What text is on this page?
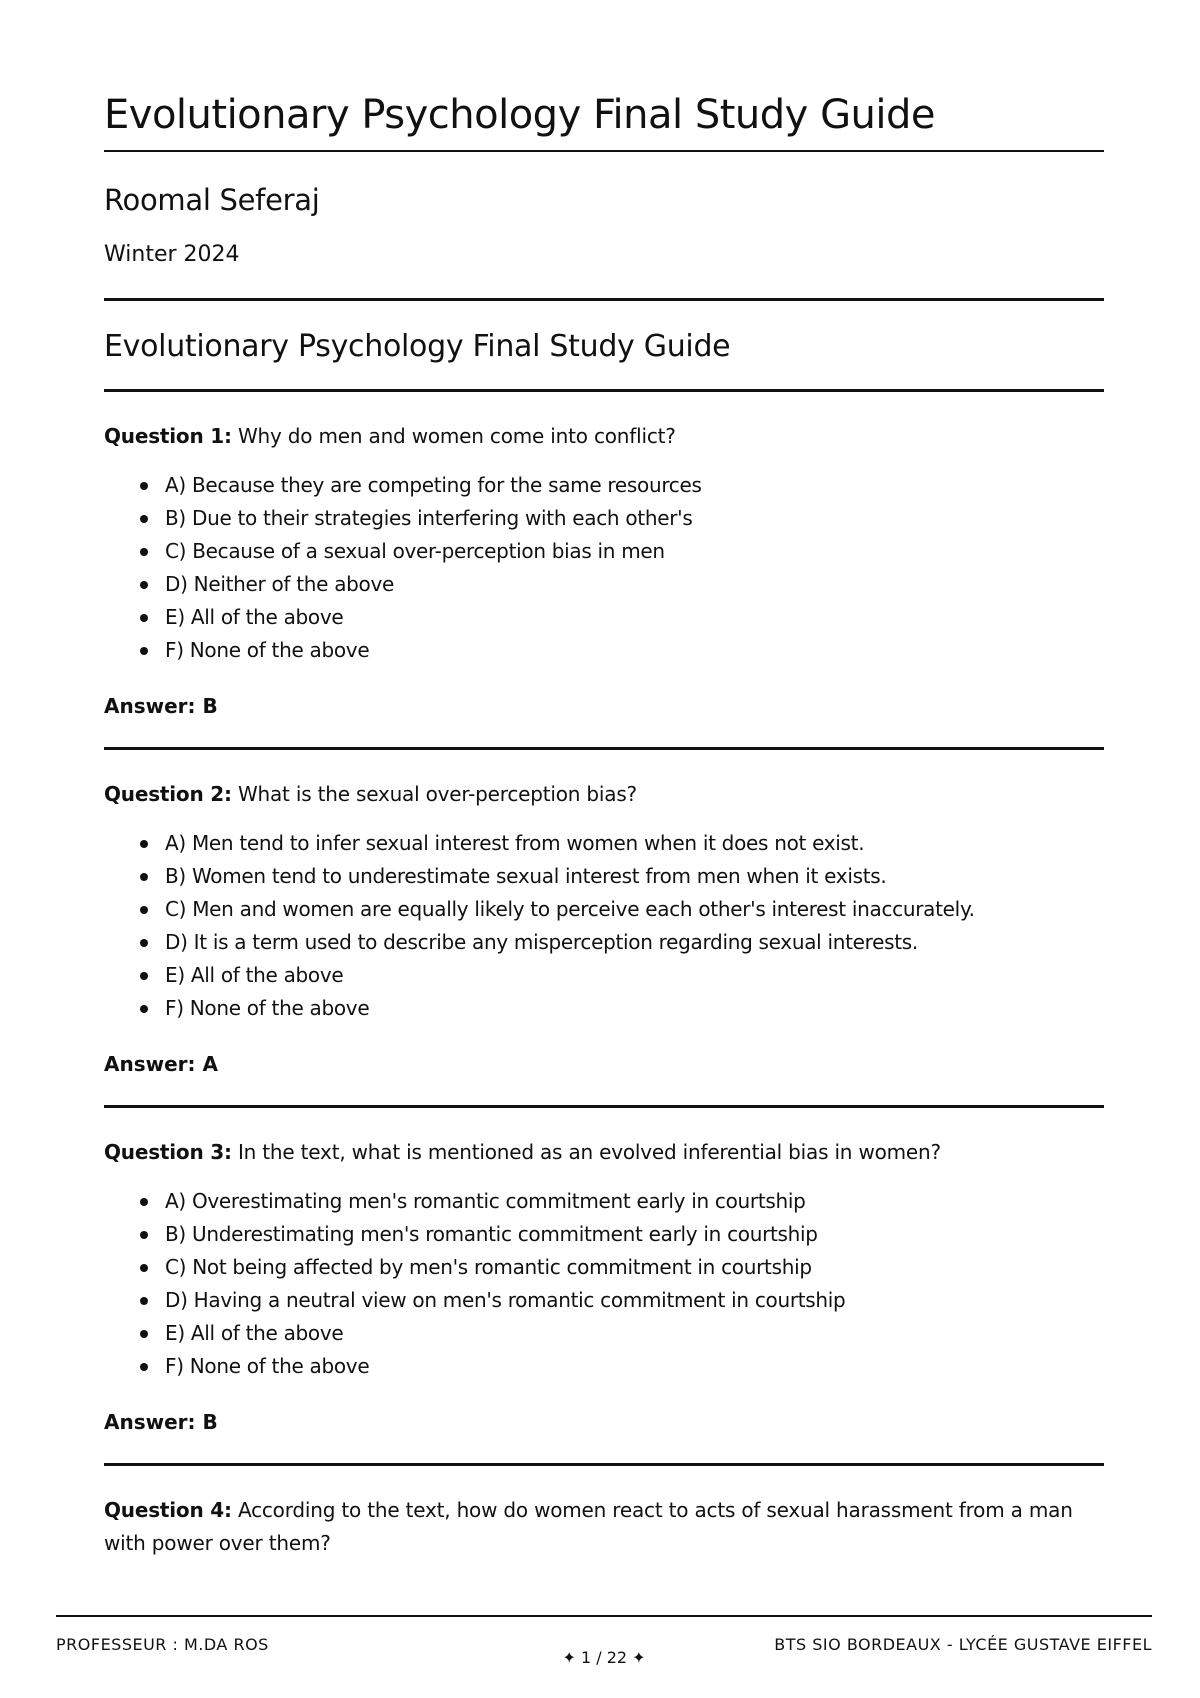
Evolutionary Psychology Final Study Guide
Roomal Seferaj
Winter 2024
Evolutionary Psychology Final Study Guide

Question 1: Why do men and women come into conflict?

A) Because they are competing for the same resources
B) Due to their strategies interfering with each other's
C) Because of a sexual over-perception bias in men
D) Neither of the above
E) All of the above
F) None of the above
Answer: B

Question 2: What is the sexual over-perception bias?

A) Men tend to infer sexual interest from women when it does not exist.
B) Women tend to underestimate sexual interest from men when it exists.
C) Men and women are equally likely to perceive each other's interest inaccurately.
D) It is a term used to describe any misperception regarding sexual interests.
E) All of the above
F) None of the above
Answer: A

Question 3: In the text, what is mentioned as an evolved inferential bias in women?

A) Overestimating men's romantic commitment early in courtship
B) Underestimating men's romantic commitment early in courtship
C) Not being affected by men's romantic commitment in courtship
D) Having a neutral view on men's romantic commitment in courtship
E) All of the above
F) None of the above
Answer: B

Question 4: According to the text, how do women react to acts of sexual harassment from a man with power over them?

PROFESSEUR : M.DA ROS
✦ 1 / 22 ✦
BTS SIO BORDEAUX - LYCÉE GUSTAVE EIFFEL
